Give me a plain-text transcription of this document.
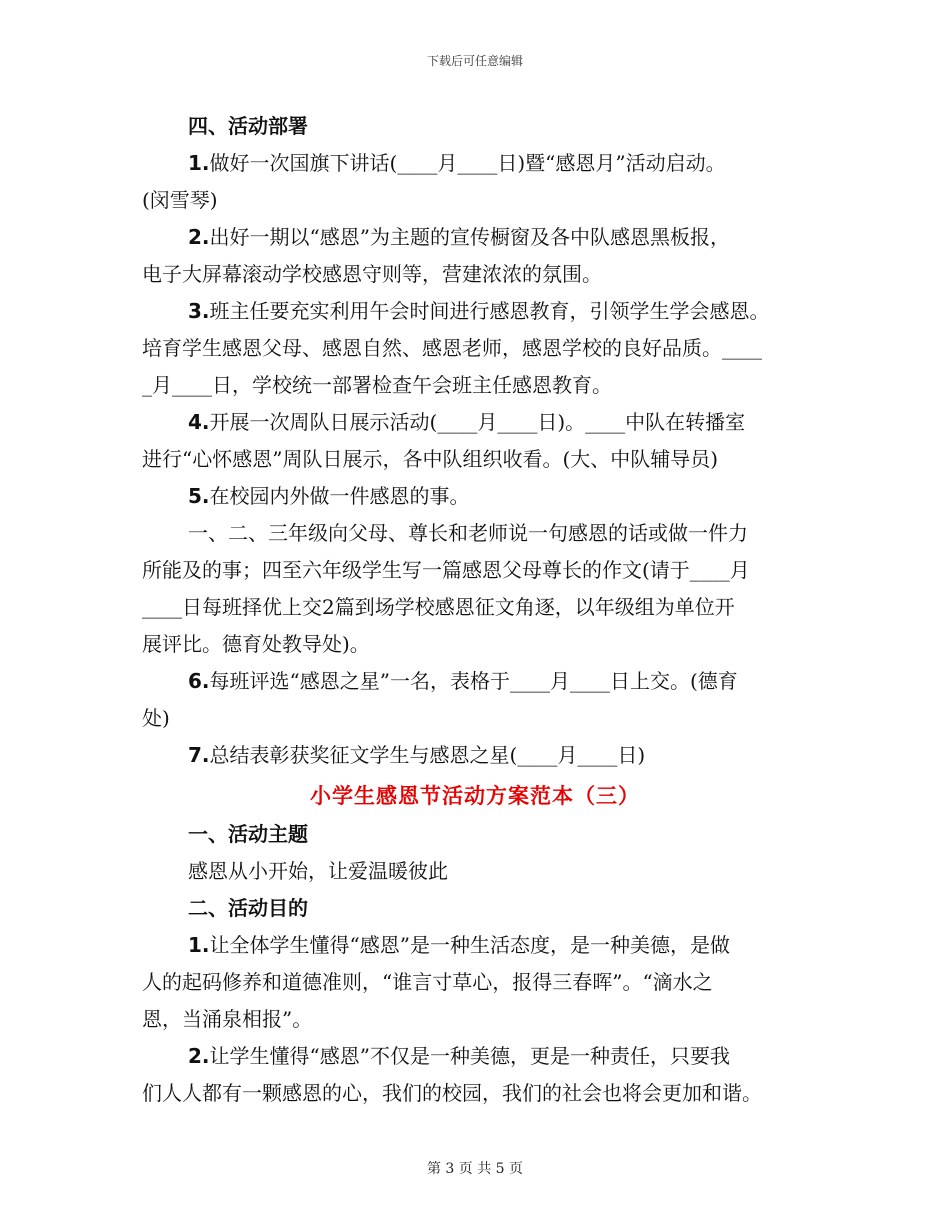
下载后可任意编辑

四、活动部署

1.做好一次国旗下讲话(____月____日)暨“感恩月”活动启动。

(闵雪琴)

2.出好一期以“感恩”为主题的宣传橱窗及各中队感恩黑板报，

电子大屏幕滚动学校感恩守则等，营建浓浓的氛围。

3.班主任要充实利用午会时间进行感恩教育，引领学生学会感恩。

培育学生感恩父母、感恩自然、感恩老师，感恩学校的良好品质。____

_月____日，学校统一部署检查午会班主任感恩教育。

4.开展一次周队日展示活动(____月____日)。____中队在转播室

进行“心怀感恩”周队日展示，各中队组织收看。(大、中队辅导员)

5.在校园内外做一件感恩的事。

一、二、三年级向父母、尊长和老师说一句感恩的话或做一件力

所能及的事；四至六年级学生写一篇感恩父母尊长的作文(请于____月

____日每班择优上交2篇到场学校感恩征文角逐，以年级组为单位开

展评比。德育处教导处)。

6.每班评选“感恩之星”一名，表格于____月____日上交。(德育

处)

7.总结表彰获奖征文学生与感恩之星(____月____日)

小学生感恩节活动方案范本（三）

一、活动主题

感恩从小开始，让爱温暖彼此

二、活动目的

1.让全体学生懂得“感恩”是一种生活态度，是一种美德，是做

人的起码修养和道德准则，“谁言寸草心，报得三春晖”。“滴水之

恩，当涌泉相报”。

2.让学生懂得“感恩”不仅是一种美德，更是一种责任，只要我

们人人都有一颗感恩的心，我们的校园，我们的社会也将会更加和谐。

第 3 页 共 5 页
